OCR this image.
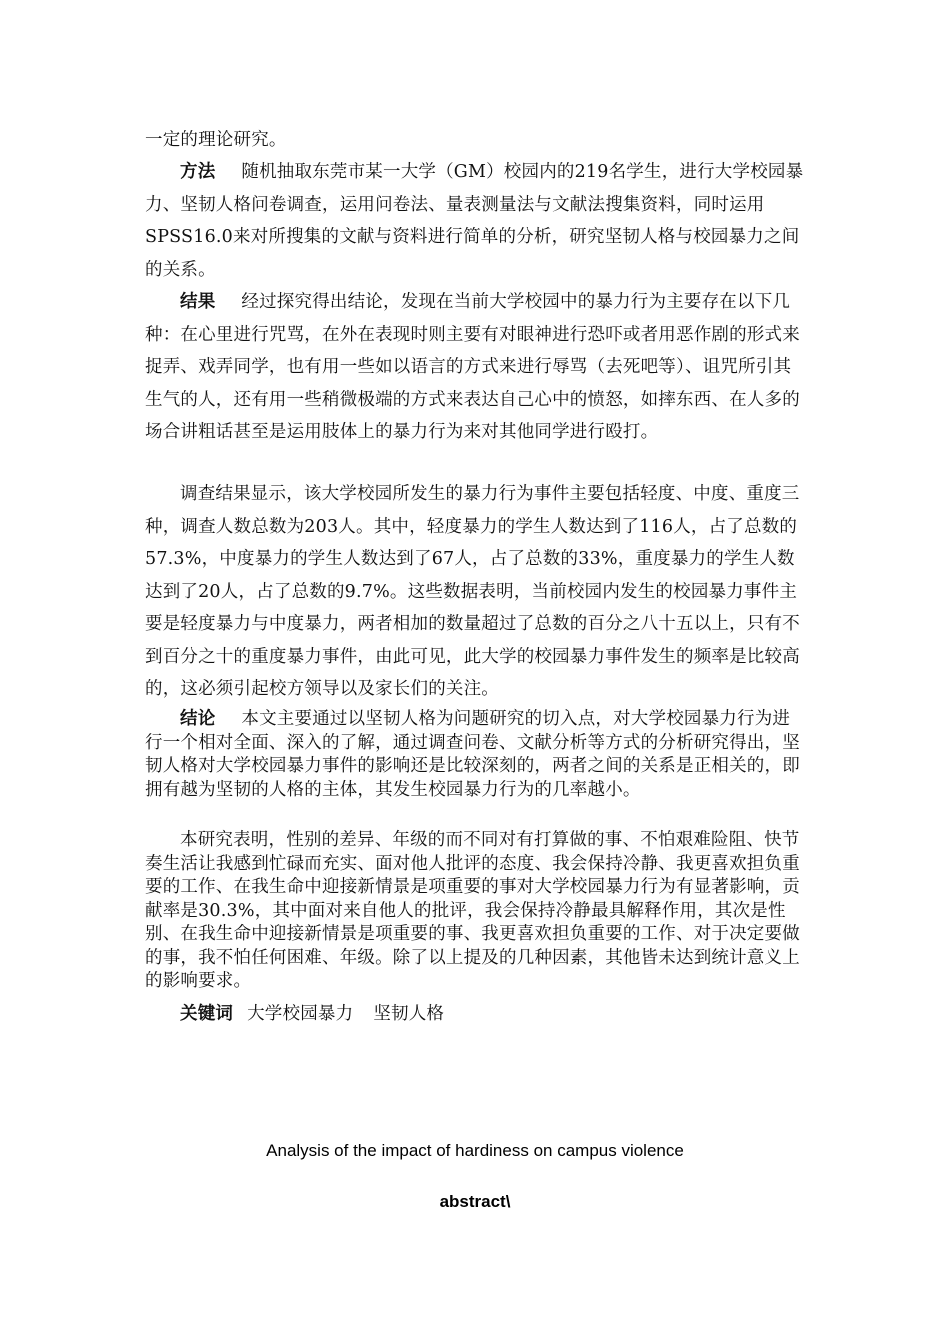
一定的理论研究。
方法 随机抽取东莞市某一大学（GM）校园内的219名学生，进行大学校园暴力、坚韧人格问卷调查，运用问卷法、量表测量法与文献法搜集资料，同时运用SPSS16.0来对所搜集的文献与资料进行简单的分析，研究坚韧人格与校园暴力之间的关系。
结果 经过探究得出结论，发现在当前大学校园中的暴力行为主要存在以下几种：在心里进行咒骂，在外在表现时则主要有对眼神进行恐吓或者用恶作剧的形式来捉弄、戏弄同学，也有用一些如以语言的方式来进行辱骂（去死吧等）、诅咒所引其生气的人，还有用一些稍微极端的方式来表达自己心中的愤怒，如摔东西、在人多的场合讲粗话甚至是运用肢体上的暴力行为来对其他同学进行殴打。
调查结果显示，该大学校园所发生的暴力行为事件主要包括轻度、中度、重度三种，调查人数总数为203人。其中，轻度暴力的学生人数达到了116人，占了总数的57.3%，中度暴力的学生人数达到了67人，占了总数的33%，重度暴力的学生人数达到了20人，占了总数的9.7%。这些数据表明，当前校园内发生的校园暴力事件主要是轻度暴力与中度暴力，两者相加的数量超过了总数的百分之八十五以上，只有不到百分之十的重度暴力事件，由此可见，此大学的校园暴力事件发生的频率是比较高的，这必须引起校方领导以及家长们的关注。
结论 本文主要通过以坚韧人格为问题研究的切入点，对大学校园暴力行为进行一个相对全面、深入的了解，通过调查问卷、文献分析等方式的分析研究得出，坚韧人格对大学校园暴力事件的影响还是比较深刻的，两者之间的关系是正相关的，即拥有越为坚韧的人格的主体，其发生校园暴力行为的几率越小。
本研究表明，性别的差异、年级的而不同对有打算做的事、不怕艰难险阻、快节奏生活让我感到忙碌而充实、面对他人批评的态度、我会保持冷静、我更喜欢担负重要的工作、在我生命中迎接新情景是项重要的事对大学校园暴力行为有显著影响，贡献率是30.3%，其中面对来自他人的批评，我会保持冷静最具解释作用，其次是性别、在我生命中迎接新情景是项重要的事、我更喜欢担负重要的工作、对于决定要做的事，我不怕任何困难、年级。除了以上提及的几种因素，其他皆未达到统计意义上的影响要求。
关键词 大学校园暴力 坚韧人格
Analysis of the impact of hardiness on campus violence
abstract\
